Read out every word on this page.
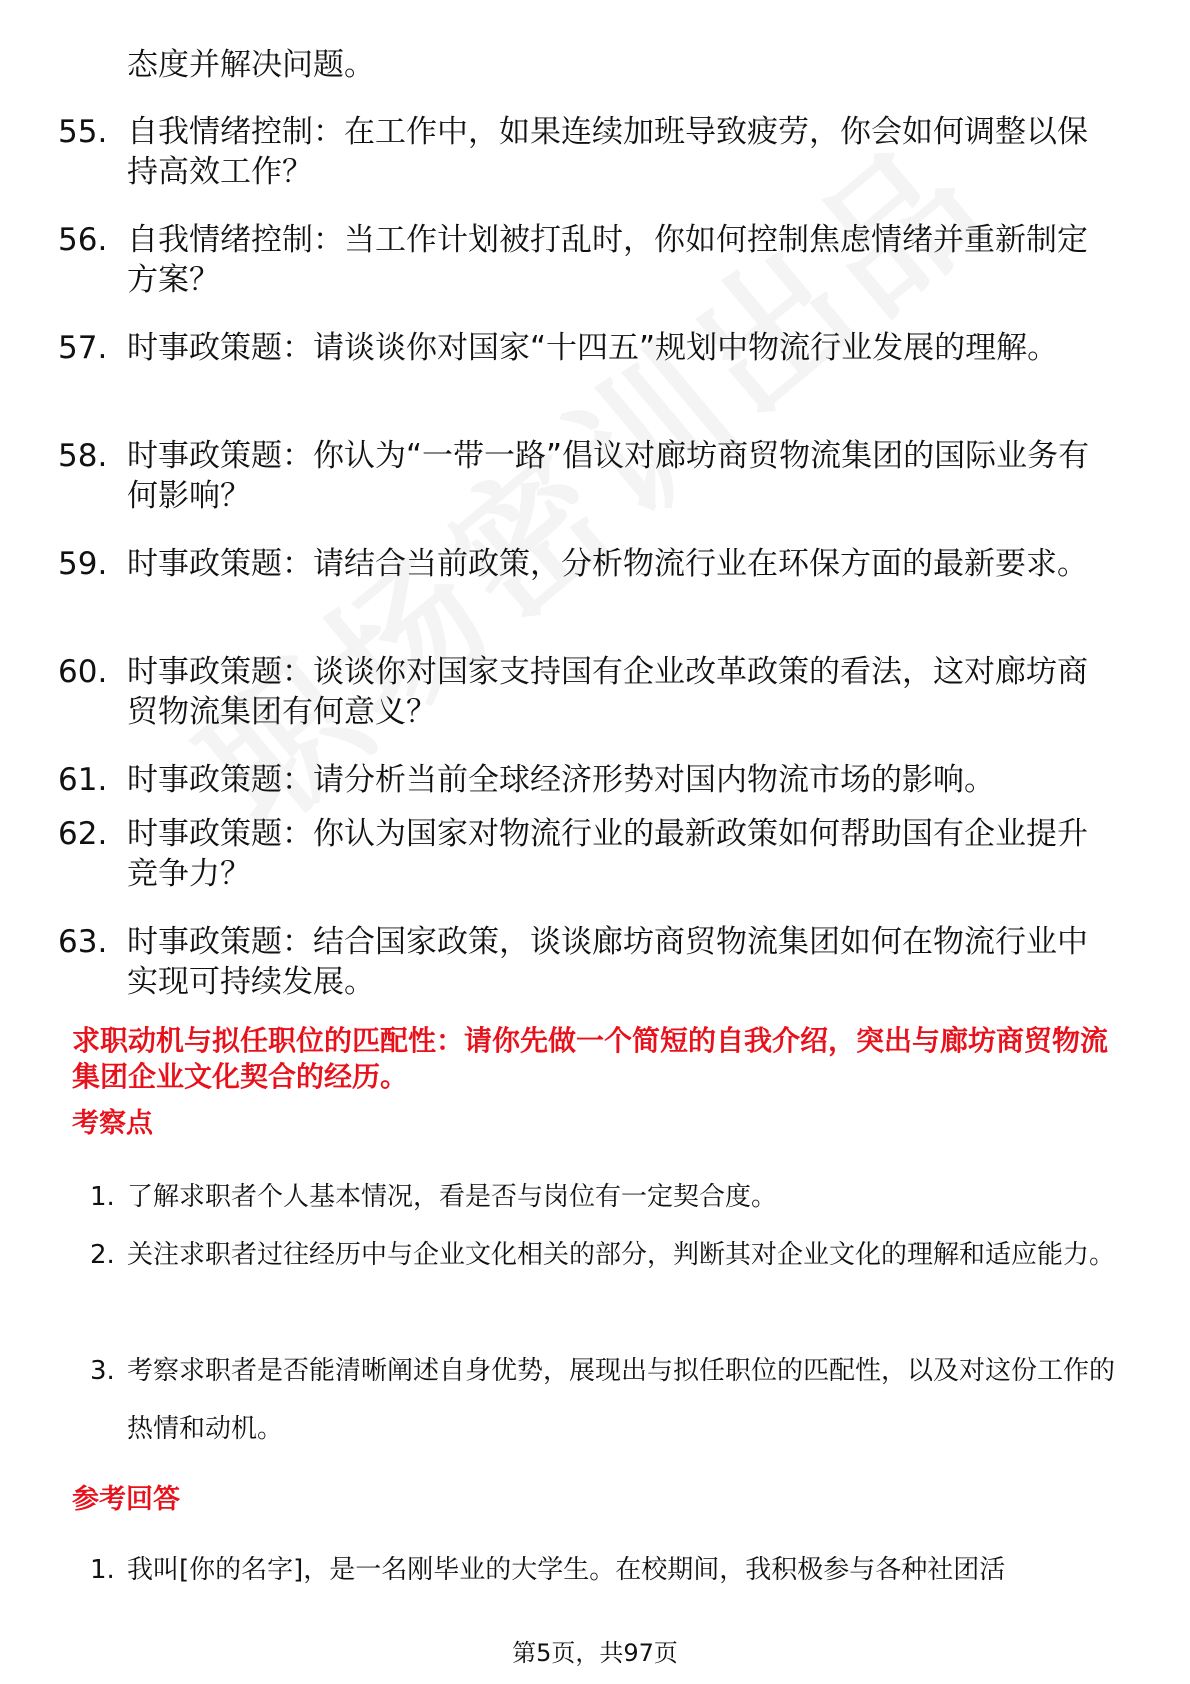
态度并解决问题。
55. 自我情绪控制：在工作中，如果连续加班导致疲劳，你会如何调整以保持高效工作？
56. 自我情绪控制：当工作计划被打乱时，你如何控制焦虑情绪并重新制定方案？
57. 时事政策题：请谈谈你对国家“十四五”规划中物流行业发展的理解。
58. 时事政策题：你认为“一带一路”倡议对廊坊商贸物流集团的国际业务有何影响？
59. 时事政策题：请结合当前政策，分析物流行业在环保方面的最新要求。
60. 时事政策题：谈谈你对国家支持国有企业改革政策的看法，这对廊坊商贸物流集团有何意义？
61. 时事政策题：请分析当前全球经济形势对国内物流市场的影响。
62. 时事政策题：你认为国家对物流行业的最新政策如何帮助国有企业提升竞争力？
63. 时事政策题：结合国家政策，谈谈廊坊商贸物流集团如何在物流行业中实现可持续发展。
求职动机与拟任职位的匹配性：请你先做一个简短的自我介绍，突出与廊坊商贸物流集团企业文化契合的经历。
考察点
1. 了解求职者个人基本情况，看是否与岗位有一定契合度。
2. 关注求职者过往经历中与企业文化相关的部分，判断其对企业文化的理解和适应能力。
3. 考察求职者是否能清晰阐述自身优势，展现出与拟任职位的匹配性，以及对这份工作的热情和动机。
参考回答
1. 我叫[你的名字]，是一名刚毕业的大学生。在校期间，我积极参与各种社团活
第5页，共97页
